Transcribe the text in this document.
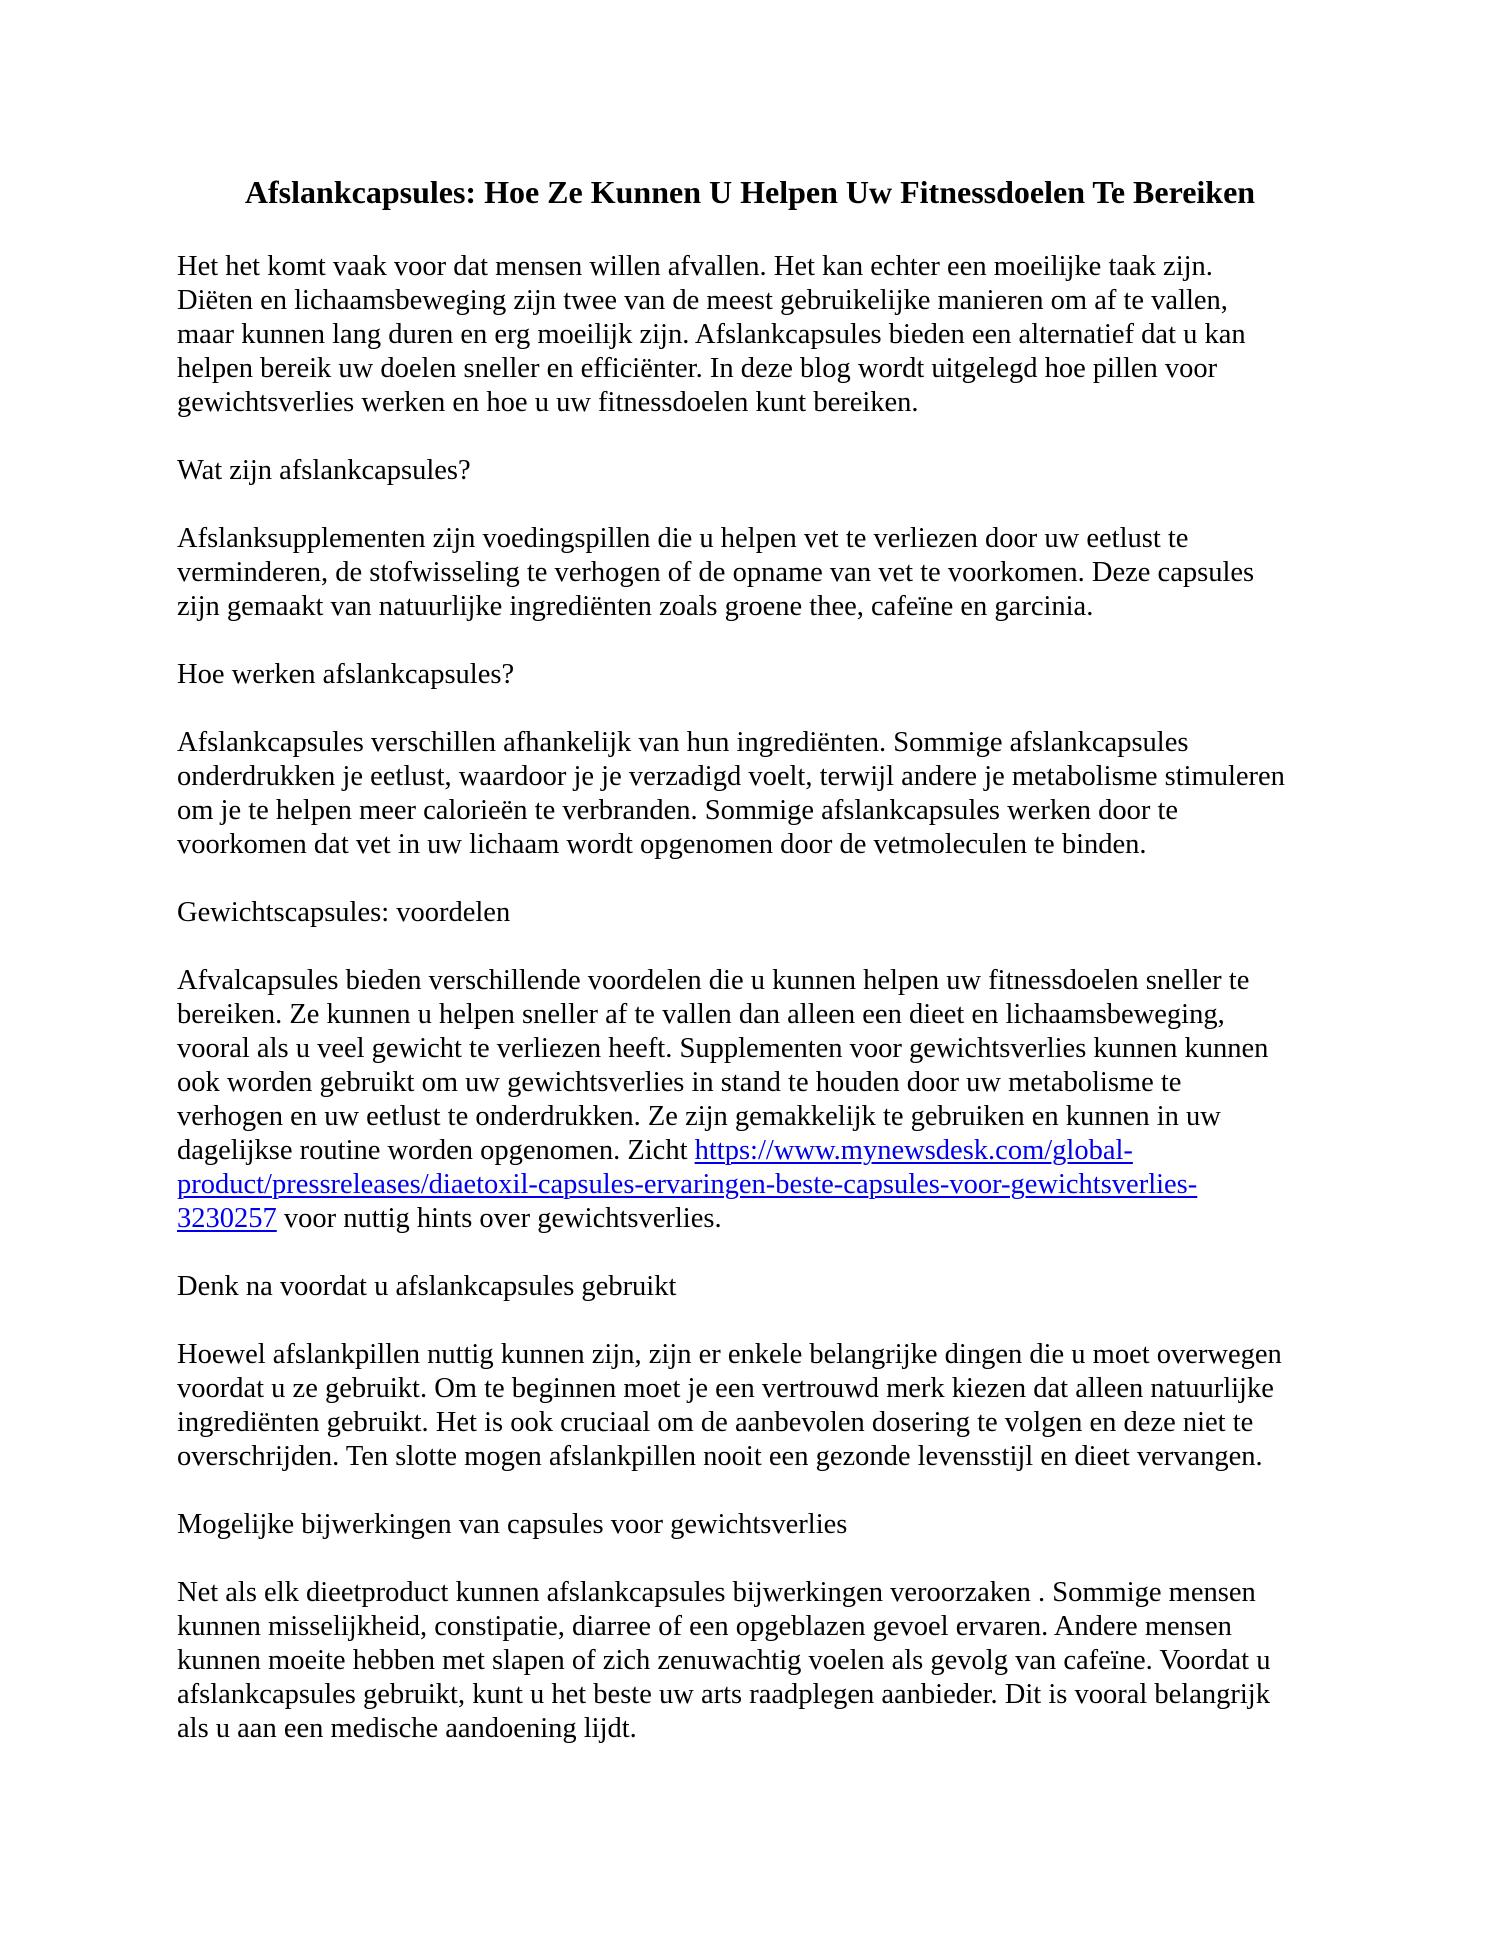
Afslankcapsules: Hoe Ze Kunnen U Helpen Uw Fitnessdoelen Te Bereiken

Het het komt vaak voor dat mensen willen afvallen. Het kan echter een moeilijke taak zijn.
Diëten en lichaamsbeweging zijn twee van de meest gebruikelijke manieren om af te vallen,
maar kunnen lang duren en erg moeilijk zijn. Afslankcapsules bieden een alternatief dat u kan
helpen bereik uw doelen sneller en efficiënter. In deze blog wordt uitgelegd hoe pillen voor
gewichtsverlies werken en hoe u uw fitnessdoelen kunt bereiken.

Wat zijn afslankcapsules?

Afslanksupplementen zijn voedingspillen die u helpen vet te verliezen door uw eetlust te
verminderen, de stofwisseling te verhogen of de opname van vet te voorkomen. Deze capsules
zijn gemaakt van natuurlijke ingrediënten zoals groene thee, cafeïne en garcinia.

Hoe werken afslankcapsules?

Afslankcapsules verschillen afhankelijk van hun ingrediënten. Sommige afslankcapsules
onderdrukken je eetlust, waardoor je je verzadigd voelt, terwijl andere je metabolisme stimuleren
om je te helpen meer calorieën te verbranden. Sommige afslankcapsules werken door te
voorkomen dat vet in uw lichaam wordt opgenomen door de vetmoleculen te binden.

Gewichtscapsules: voordelen

Afvalcapsules bieden verschillende voordelen die u kunnen helpen uw fitnessdoelen sneller te
bereiken. Ze kunnen u helpen sneller af te vallen dan alleen een dieet en lichaamsbeweging,
vooral als u veel gewicht te verliezen heeft. Supplementen voor gewichtsverlies kunnen kunnen
ook worden gebruikt om uw gewichtsverlies in stand te houden door uw metabolisme te
verhogen en uw eetlust te onderdrukken. Ze zijn gemakkelijk te gebruiken en kunnen in uw
dagelijkse routine worden opgenomen. Zicht https://www.mynewsdesk.com/global-
product/pressreleases/diaetoxil-capsules-ervaringen-beste-capsules-voor-gewichtsverlies-
3230257 voor nuttig hints over gewichtsverlies.

Denk na voordat u afslankcapsules gebruikt

Hoewel afslankpillen nuttig kunnen zijn, zijn er enkele belangrijke dingen die u moet overwegen
voordat u ze gebruikt. Om te beginnen moet je een vertrouwd merk kiezen dat alleen natuurlijke
ingrediënten gebruikt. Het is ook cruciaal om de aanbevolen dosering te volgen en deze niet te
overschrijden. Ten slotte mogen afslankpillen nooit een gezonde levensstijl en dieet vervangen.

Mogelijke bijwerkingen van capsules voor gewichtsverlies

Net als elk dieetproduct kunnen afslankcapsules bijwerkingen veroorzaken . Sommige mensen
kunnen misselijkheid, constipatie, diarree of een opgeblazen gevoel ervaren. Andere mensen
kunnen moeite hebben met slapen of zich zenuwachtig voelen als gevolg van cafeïne. Voordat u
afslankcapsules gebruikt, kunt u het beste uw arts raadplegen aanbieder. Dit is vooral belangrijk
als u aan een medische aandoening lijdt.
